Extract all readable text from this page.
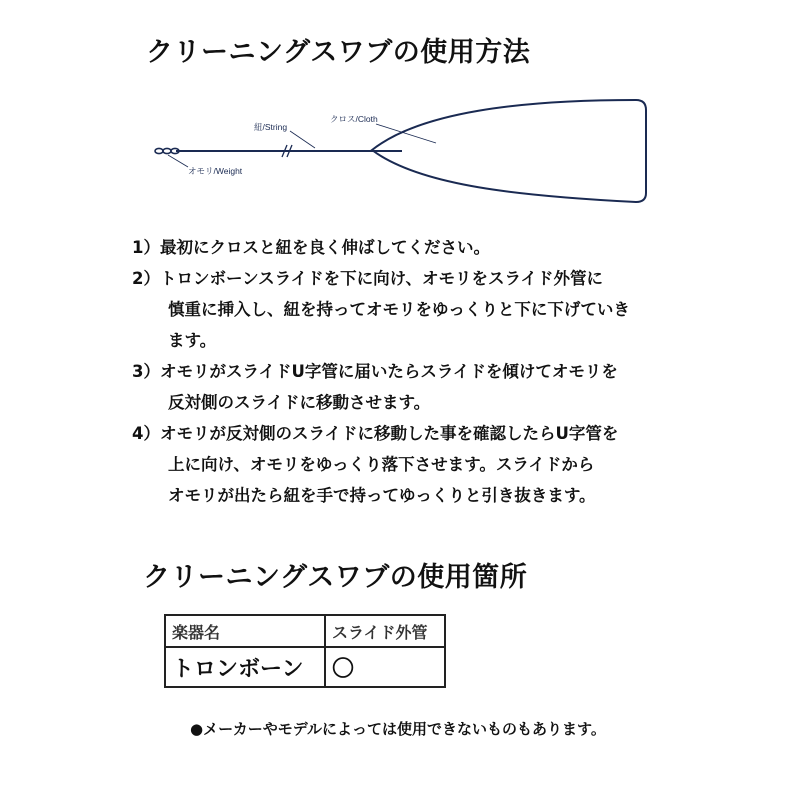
クリーニングスワブの使用方法
紐/String
クロス/Cloth
オモリ/Weight
1）最初にクロスと紐を良く伸ばしてください。
2）トロンボーンスライドを下に向け、オモリをスライド外管に
慎重に挿入し、紐を持ってオモリをゆっくりと下に下げていき
ます。
3）オモリがスライドU字管に届いたらスライドを傾けてオモリを
反対側のスライドに移動させます。
4）オモリが反対側のスライドに移動した事を確認したらU字管を
上に向け、オモリをゆっくり落下させます。スライドから
オモリが出たら紐を手で持ってゆっくりと引き抜きます。
クリーニングスワブの使用箇所
楽器名	スライド外管
トロンボーン	〇
●メーカーやモデルによっては使用できないものもあります。
